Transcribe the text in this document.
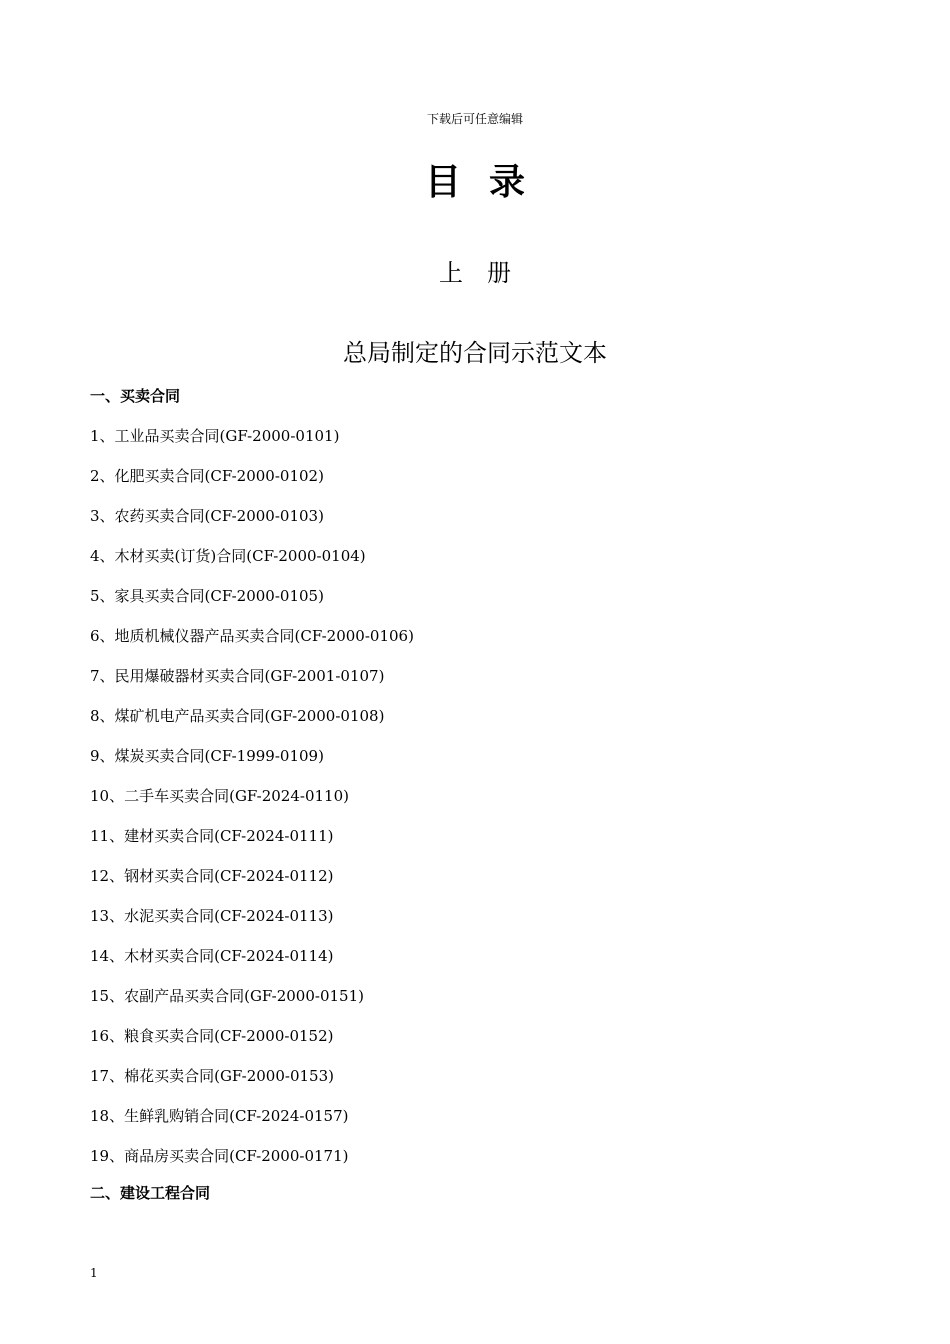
下载后可任意编辑
目录
上册
总局制定的合同示范文本
一、买卖合同
1、工业品买卖合同(GF-2000-0101)
2、化肥买卖合同(CF-2000-0102)
3、农药买卖合同(CF-2000-0103)
4、木材买卖(订货)合同(CF-2000-0104)
5、家具买卖合同(CF-2000-0105)
6、地质机械仪器产品买卖合同(CF-2000-0106)
7、民用爆破器材买卖合同(GF-2001-0107)
8、煤矿机电产品买卖合同(GF-2000-0108)
9、煤炭买卖合同(CF-1999-0109)
10、二手车买卖合同(GF-2024-0110)
11、建材买卖合同(CF-2024-0111)
12、钢材买卖合同(CF-2024-0112)
13、水泥买卖合同(CF-2024-0113)
14、木材买卖合同(CF-2024-0114)
15、农副产品买卖合同(GF-2000-0151)
16、粮食买卖合同(CF-2000-0152)
17、棉花买卖合同(GF-2000-0153)
18、生鲜乳购销合同(CF-2024-0157)
19、商品房买卖合同(CF-2000-0171)
二、建设工程合同
1
